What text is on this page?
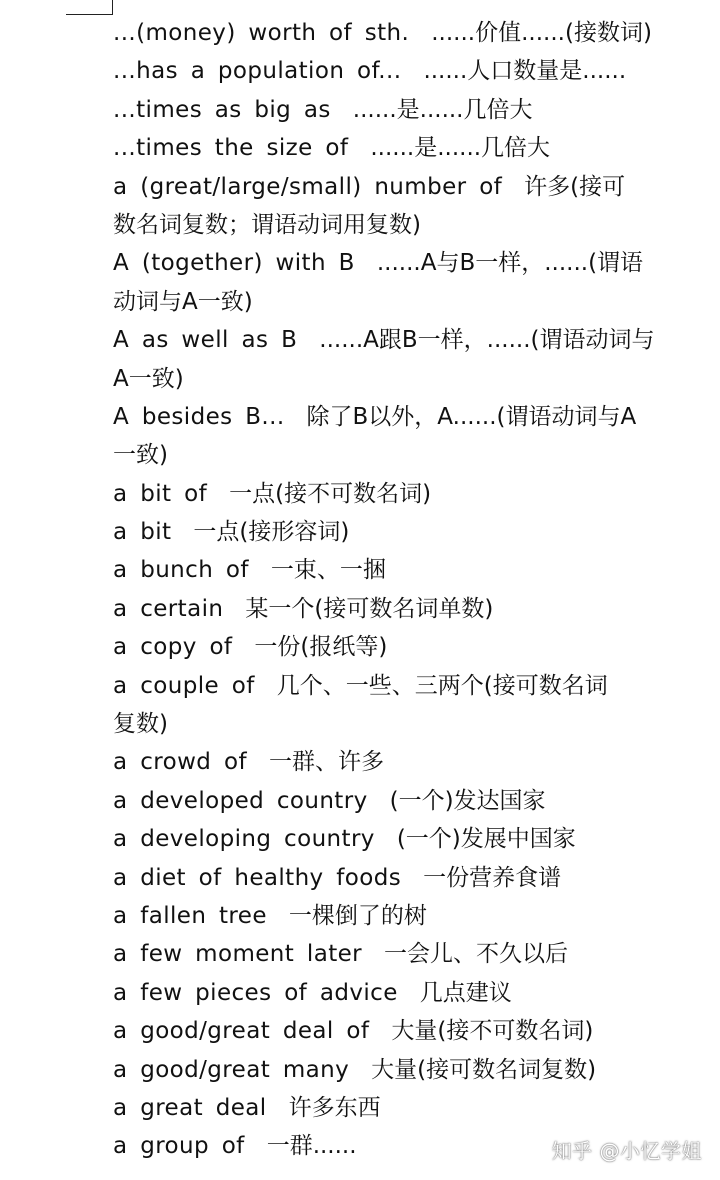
...(money) worth of sth. ......价值......(接数词)
...has a population of... ......人口数量是......
...times as big as ......是......几倍大
...times the size of ......是......几倍大
a (great/large/small) number of 许多(接可
数名词复数；谓语动词用复数)
A (together) with B ......A与B一样，......(谓语
动词与A一致)
A as well as B ......A跟B一样，......(谓语动词与
A一致)
A besides B... 除了B以外，A......(谓语动词与A
一致)
a bit of 一点(接不可数名词)
a bit 一点(接形容词)
a bunch of 一束、一捆
a certain 某一个(接可数名词单数)
a copy of 一份(报纸等)
a couple of 几个、一些、三两个(接可数名词
复数)
a crowd of 一群、许多
a developed country (一个)发达国家
a developing country (一个)发展中国家
a diet of healthy foods 一份营养食谱
a fallen tree 一棵倒了的树
a few moment later 一会儿、不久以后
a few pieces of advice 几点建议
a good/great deal of 大量(接不可数名词)
a good/great many 大量(接可数名词复数)
a great deal 许多东西
a group of 一群......	知乎 @小忆学姐
